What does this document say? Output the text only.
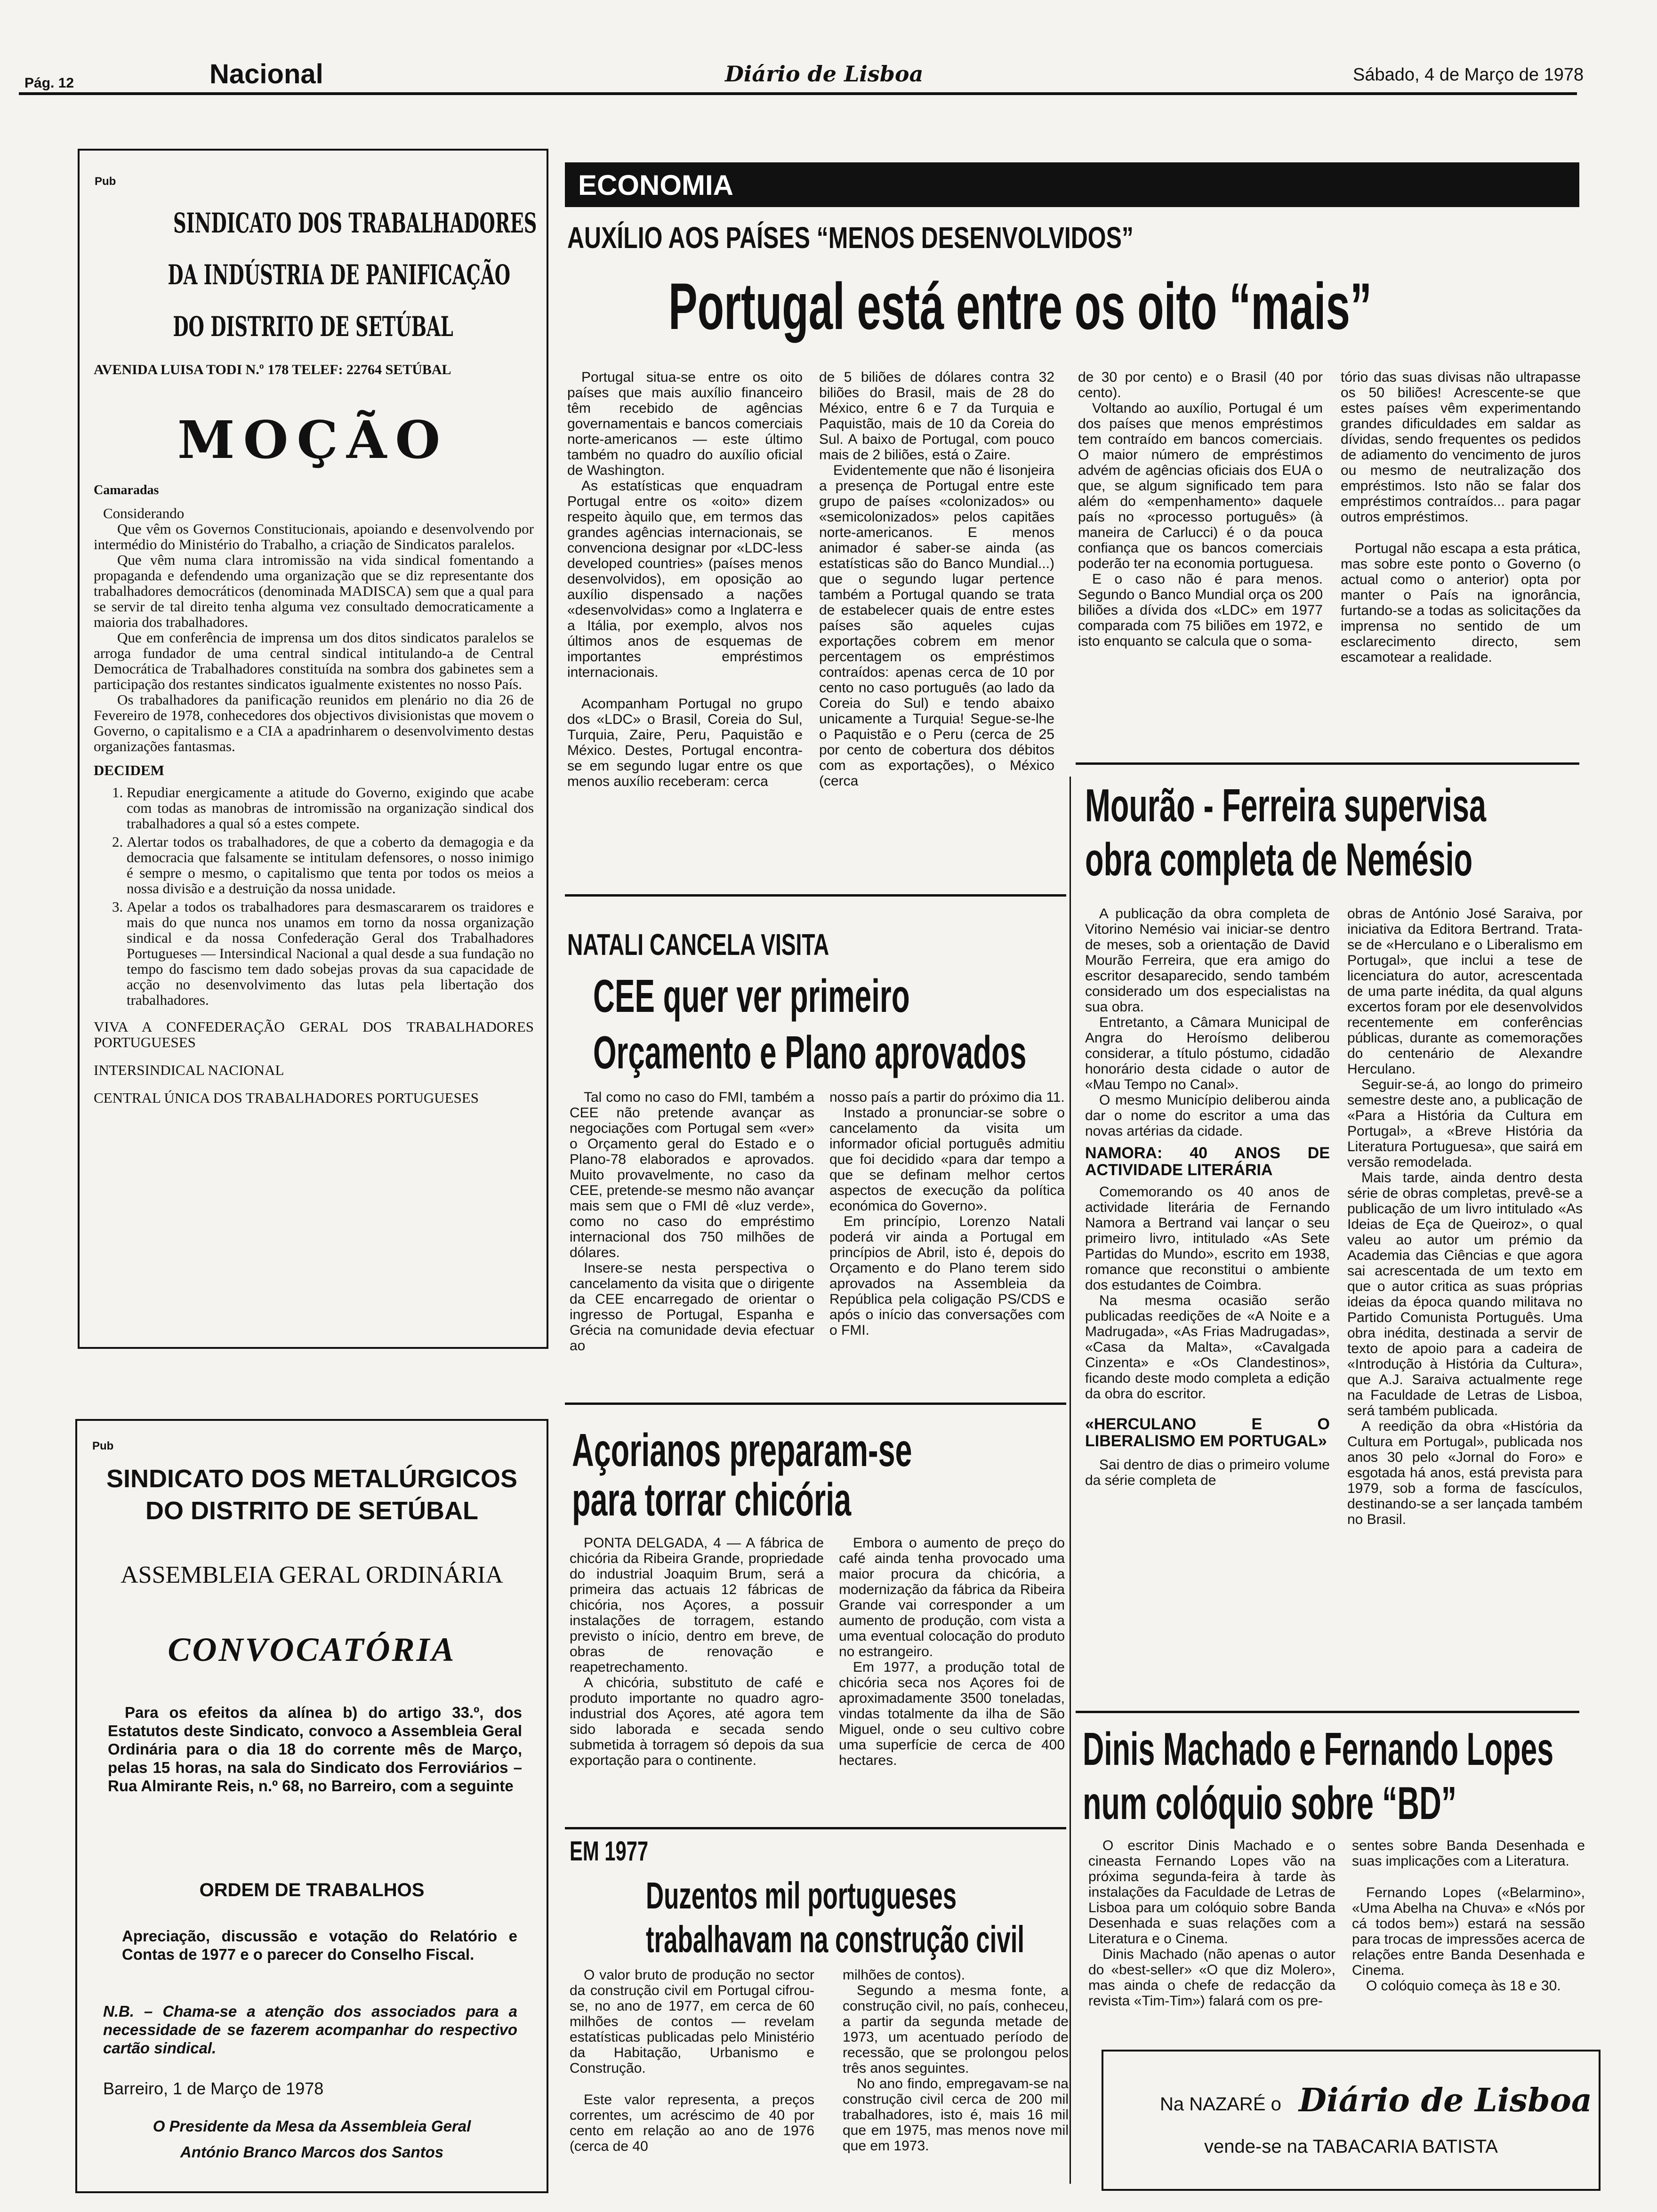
Pág. 12	Nacional	Diário de Lisboa	Sábado, 4 de Março de 1978
Pub
SINDICATO DOS TRABALHADORES
DA INDÚSTRIA DE PANIFICAÇÃO
DO DISTRITO DE SETÚBAL
AVENIDA LUISA TODI N.º 178 TELEF: 22764 SETÚBAL
MOÇÃO
Camaradas
Considerando

Que vêm os Governos Constitucionais, apoiando e desenvolvendo por intermédio do Ministério do Trabalho, a criação de Sindicatos paralelos.

Que vêm numa clara intromissão na vida sindical fomentando a propaganda e defendendo uma organização que se diz representante dos trabalhadores democráticos (denominada MADISCA) sem que a qual para se servir de tal direito tenha alguma vez consultado democraticamente a maioria dos trabalhadores.

Que em conferência de imprensa um dos ditos sindicatos paralelos se arroga fundador de uma central sindical intitulando-a de Central Democrática de Trabalhadores constituída na sombra dos gabinetes sem a participação dos restantes sindicatos igualmente existentes no nosso País.

Os trabalhadores da panificação reunidos em plenário no dia 26 de Fevereiro de 1978, conhecedores dos objectivos divisionistas que movem o Governo, o capitalismo e a CIA a apadrinharem o desenvolvimento destas organizações fantasmas.

DECIDEM
1. Repudiar energicamente a atitude do Governo, exigindo que acabe com todas as manobras de intromissão na organização sindical dos trabalhadores a qual só a estes compete.
2. Alertar todos os trabalhadores, de que a coberto da demagogia e da democracia que falsamente se intitulam defensores, o nosso inimigo é sempre o mesmo, o capitalismo que tenta por todos os meios a nossa divisão e a destruição da nossa unidade.
3. Apelar a todos os trabalhadores para desmascararem os traidores e mais do que nunca nos unamos em torno da nossa organização sindical e da nossa Confederação Geral dos Trabalhadores Portugueses — Intersindical Nacional a qual desde a sua fundação no tempo do fascismo tem dado sobejas provas da sua capacidade de acção no desenvolvimento das lutas pela libertação dos trabalhadores.
VIVA A CONFEDERAÇÃO GERAL DOS TRABALHADORES PORTUGUESES
INTERSINDICAL NACIONAL
CENTRAL ÚNICA DOS TRABALHADORES PORTUGUESES
Pub
SINDICATO DOS METALÚRGICOS
DO DISTRITO DE SETÚBAL
ASSEMBLEIA GERAL ORDINÁRIA
CONVOCATÓRIA
Para os efeitos da alínea b) do artigo 33.º, dos Estatutos deste Sindicato, convoco a Assembleia Geral Ordinária para o dia 18 do corrente mês de Março, pelas 15 horas, na sala do Sindicato dos Ferroviários – Rua Almirante Reis, n.º 68, no Barreiro, com a seguinte
ORDEM DE TRABALHOS
Apreciação, discussão e votação do Relatório e Contas de 1977 e o parecer do Conselho Fiscal.
N.B. – Chama-se a atenção dos associados para a necessidade de se fazerem acompanhar do respectivo cartão sindical.
Barreiro, 1 de Março de 1978
O Presidente da Mesa da Assembleia Geral
António Branco Marcos dos Santos
ECONOMIA
AUXÍLIO AOS PAÍSES “MENOS DESENVOLVIDOS”
Portugal está entre os oito “mais”

Portugal situa-se entre os oito países que mais auxílio financeiro têm recebido de agências governamentais e bancos comerciais norte-americanos — este último também no quadro do auxílio oficial de Washington.

As estatísticas que enquadram Portugal entre os «oito» dizem respeito àquilo que, em termos das grandes agências internacionais, se convenciona designar por «LDC-less developed countries» (países menos desenvolvidos), em oposição ao auxílio dispensado a nações «desenvolvidas» como a Inglaterra e a Itália, por exemplo, alvos nos últimos anos de esquemas de importantes empréstimos internacionais.

Acompanham Portugal no grupo dos «LDC» o Brasil, Coreia do Sul, Turquia, Zaire, Peru, Paquistão e México. Destes, Portugal encontra-se em segundo lugar entre os que menos auxílio receberam: cerca

de 5 biliões de dólares contra 32 biliões do Brasil, mais de 28 do México, entre 6 e 7 da Turquia e Paquistão, mais de 10 da Coreia do Sul. A baixo de Portugal, com pouco mais de 2 biliões, está o Zaire.

Evidentemente que não é lisonjeira a presença de Portugal entre este grupo de países «colonizados» ou «semicolonizados» pelos capitães norte-americanos. E menos animador é saber-se ainda (as estatísticas são do Banco Mundial...) que o segundo lugar pertence também a Portugal quando se trata de estabelecer quais de entre estes países são aqueles cujas exportações cobrem em menor percentagem os empréstimos contraídos: apenas cerca de 10 por cento no caso português (ao lado da Coreia do Sul) e tendo abaixo unicamente a Turquia! Segue-se-lhe o Paquistão e o Peru (cerca de 25 por cento de cobertura dos débitos com as exportações), o México (cerca

de 30 por cento) e o Brasil (40 por cento).

Voltando ao auxílio, Portugal é um dos países que menos empréstimos tem contraído em bancos comerciais. O maior número de empréstimos advém de agências oficiais dos EUA o que, se algum significado tem para além do «empenhamento» daquele país no «processo português» (à maneira de Carlucci) é o da pouca confiança que os bancos comerciais poderão ter na economia portuguesa.

E o caso não é para menos. Segundo o Banco Mundial orça os 200 biliões a dívida dos «LDC» em 1977 comparada com 75 biliões em 1972, e isto enquanto se calcula que o soma-

tório das suas divisas não ultrapasse os 50 biliões! Acrescente-se que estes países vêm experimentando grandes dificuldades em saldar as dívidas, sendo frequentes os pedidos de adiamento do vencimento de juros ou mesmo de neutralização dos empréstimos. Isto não se falar dos empréstimos contraídos... para pagar outros empréstimos.

Portugal não escapa a esta prática, mas sobre este ponto o Governo (o actual como o anterior) opta por manter o País na ignorância, furtando-se a todas as solicitações da imprensa no sentido de um esclarecimento directo, sem escamotear a realidade.

NATALI CANCELA VISITA
CEE quer ver primeiro
Orçamento e Plano aprovados

Tal como no caso do FMI, também a CEE não pretende avançar as negociações com Portugal sem «ver» o Orçamento geral do Estado e o Plano-78 elaborados e aprovados. Muito provavelmente, no caso da CEE, pretende-se mesmo não avançar mais sem que o FMI dê «luz verde», como no caso do empréstimo internacional dos 750 milhões de dólares.

Insere-se nesta perspectiva o cancelamento da visita que o dirigente da CEE encarregado de orientar o ingresso de Portugal, Espanha e Grécia na comunidade devia efectuar ao

nosso país a partir do próximo dia 11.

Instado a pronunciar-se sobre o cancelamento da visita um informador oficial português admitiu que foi decidido «para dar tempo a que se definam melhor certos aspectos de execução da política económica do Governo».

Em princípio, Lorenzo Natali poderá vir ainda a Portugal em princípios de Abril, isto é, depois do Orçamento e do Plano terem sido aprovados na Assembleia da República pela coligação PS/CDS e após o início das conversações com o FMI.

Açorianos preparam-se
para torrar chicória

PONTA DELGADA, 4 — A fábrica de chicória da Ribeira Grande, propriedade do industrial Joaquim Brum, será a primeira das actuais 12 fábricas de chicória, nos Açores, a possuir instalações de torragem, estando previsto o início, dentro em breve, de obras de renovação e reapetrechamento.

A chicória, substituto de café e produto importante no quadro agro-industrial dos Açores, até agora tem sido laborada e secada sendo submetida à torragem só depois da sua exportação para o continente.

Embora o aumento de preço do café ainda tenha provocado uma maior procura da chicória, a modernização da fábrica da Ribeira Grande vai corresponder a um aumento de produção, com vista a uma eventual colocação do produto no estrangeiro.

Em 1977, a produção total de chicória seca nos Açores foi de aproximadamente 3500 toneladas, vindas totalmente da ilha de São Miguel, onde o seu cultivo cobre uma superfície de cerca de 400 hectares.

EM 1977
Duzentos mil portugueses
trabalhavam na construção civil

O valor bruto de produção no sector da construção civil em Portugal cifrou-se, no ano de 1977, em cerca de 60 milhões de contos — revelam estatísticas publicadas pelo Ministério da Habitação, Urbanismo e Construção.

Este valor representa, a preços correntes, um acréscimo de 40 por cento em relação ao ano de 1976 (cerca de 40

milhões de contos).

Segundo a mesma fonte, a construção civil, no país, conheceu, a partir da segunda metade de 1973, um acentuado período de recessão, que se prolongou pelos três anos seguintes.

No ano findo, empregavam-se na construção civil cerca de 200 mil trabalhadores, isto é, mais 16 mil que em 1975, mas menos nove mil que em 1973.

Mourão - Ferreira supervisa
obra completa de Nemésio

A publicação da obra completa de Vitorino Nemésio vai iniciar-se dentro de meses, sob a orientação de David Mourão Ferreira, que era amigo do escritor desaparecido, sendo também considerado um dos especialistas na sua obra.

Entretanto, a Câmara Municipal de Angra do Heroísmo deliberou considerar, a título póstumo, cidadão honorário desta cidade o autor de «Mau Tempo no Canal».

O mesmo Município deliberou ainda dar o nome do escritor a uma das novas artérias da cidade.

NAMORA: 40 ANOS DE ACTIVIDADE LITERÁRIA

Comemorando os 40 anos de actividade literária de Fernando Namora a Bertrand vai lançar o seu primeiro livro, intitulado «As Sete Partidas do Mundo», escrito em 1938, romance que reconstitui o ambiente dos estudantes de Coimbra.

Na mesma ocasião serão publicadas reedições de «A Noite e a Madrugada», «As Frias Madrugadas», «Casa da Malta», «Cavalgada Cinzenta» e «Os Clandestinos», ficando deste modo completa a edição da obra do escritor.

«HERCULANO E O LIBERALISMO EM PORTUGAL»

Sai dentro de dias o primeiro volume da série completa de

obras de António José Saraiva, por iniciativa da Editora Bertrand. Trata-se de «Herculano e o Liberalismo em Portugal», que inclui a tese de licenciatura do autor, acrescentada de uma parte inédita, da qual alguns excertos foram por ele desenvolvidos recentemente em conferências públicas, durante as comemorações do centenário de Alexandre Herculano.

Seguir-se-á, ao longo do primeiro semestre deste ano, a publicação de «Para a História da Cultura em Portugal», a «Breve História da Literatura Portuguesa», que sairá em versão remodelada.

Mais tarde, ainda dentro desta série de obras completas, prevê-se a publicação de um livro intitulado «As Ideias de Eça de Queiroz», o qual valeu ao autor um prémio da Academia das Ciências e que agora sai acrescentada de um texto em que o autor critica as suas próprias ideias da época quando militava no Partido Comunista Português. Uma obra inédita, destinada a servir de texto de apoio para a cadeira de «Introdução à História da Cultura», que A.J. Saraiva actualmente rege na Faculdade de Letras de Lisboa, será também publicada.

A reedição da obra «História da Cultura em Portugal», publicada nos anos 30 pelo «Jornal do Foro» e esgotada há anos, está prevista para 1979, sob a forma de fascículos, destinando-se a ser lançada também no Brasil.

Dinis Machado e Fernando Lopes
num colóquio sobre “BD”

O escritor Dinis Machado e o cineasta Fernando Lopes vão na próxima segunda-feira à tarde às instalações da Faculdade de Letras de Lisboa para um colóquio sobre Banda Desenhada e suas relações com a Literatura e o Cinema.

Dinis Machado (não apenas o autor do «best-seller» «O que diz Molero», mas ainda o chefe de redacção da revista «Tim-Tim») falará com os pre-

sentes sobre Banda Desenhada e suas implicações com a Literatura.

Fernando Lopes («Belarmino», «Uma Abelha na Chuva» e «Nós por cá todos bem») estará na sessão para trocas de impressões acerca de relações entre Banda Desenhada e Cinema.

O colóquio começa às 18 e 30.

Na NAZARÉ o Diário de Lisboa
vende-se na TABACARIA BATISTA
